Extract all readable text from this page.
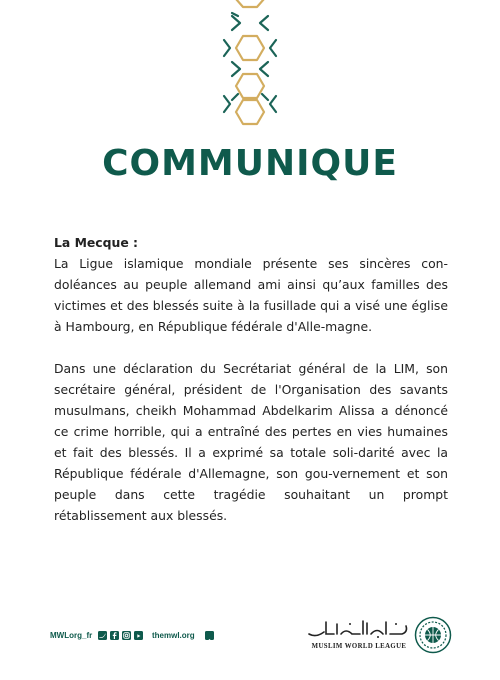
COMMUNIQUE

La Mecque :

La Ligue islamique mondiale présente ses sincères con-doléances au peuple allemand ami ainsi qu’aux familles des victimes et des blessés suite à la fusillade qui a visé une église à Hambourg, en République fédérale d'Alle-magne.

Dans une déclaration du Secrétariat général de la LIM, son secrétaire général, président de l'Organisation des savants musulmans, cheikh Mohammad Abdelkarim Alissa a dénoncé ce crime horrible, qui a entraîné des pertes en vies humaines et fait des blessés. Il a exprimé sa totale soli-darité avec la République fédérale d'Allemagne, son gou-vernement et son peuple dans cette tragédie souhaitant un prompt rétablissement aux blessés.

MWLorg_fr	themwl.org
MUSLIM WORLD LEAGUE
